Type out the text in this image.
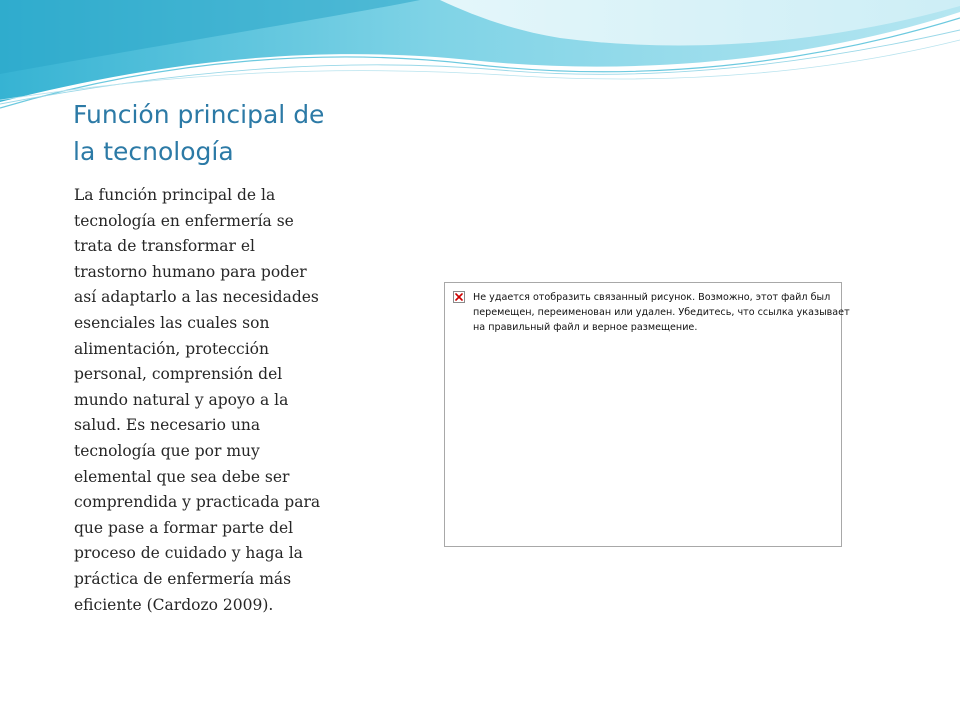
Función principal de
la tecnología
La función principal de la
tecnología en enfermería se
trata de transformar el
trastorno humano para poder
así adaptarlo a las necesidades
esenciales las cuales son
alimentación, protección
personal, comprensión del
mundo natural y apoyo a la
salud. Es necesario una
tecnología que por muy
elemental que sea debe ser
comprendida y practicada para
que pase a formar parte del
proceso de cuidado y haga la
práctica de enfermería más
eficiente (Cardozo 2009).
Не удается отобразить связанный рисунок. Возможно, этот файл был
перемещен, переименован или удален. Убедитесь, что ссылка указывает
на правильный файл и верное размещение.
